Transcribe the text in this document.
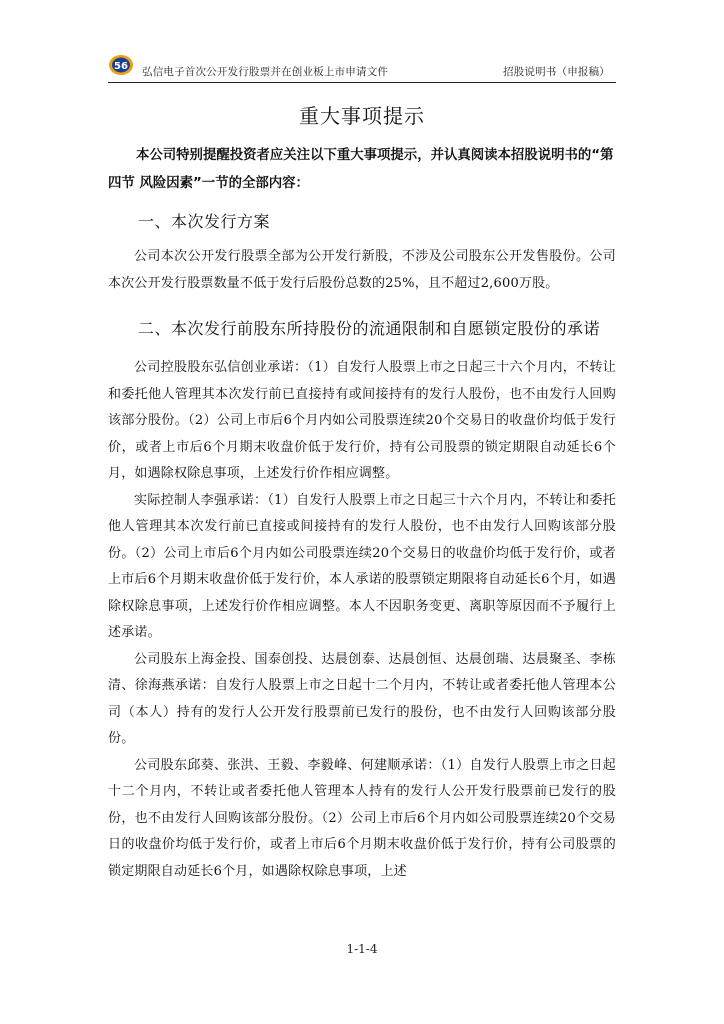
56 弘信电子首次公开发行股票并在创业板上市申请文件	招股说明书（申报稿）
重大事项提示

本公司特别提醒投资者应关注以下重大事项提示，并认真阅读本招股说明书的“第四节 风险因素”一节的全部内容：

一、本次发行方案

公司本次公开发行股票全部为公开发行新股，不涉及公司股东公开发售股份。公司本次公开发行股票数量不低于发行后股份总数的25%，且不超过2,600万股。

二、本次发行前股东所持股份的流通限制和自愿锁定股份的承诺

公司控股股东弘信创业承诺：（1）自发行人股票上市之日起三十六个月内，不转让和委托他人管理其本次发行前已直接持有或间接持有的发行人股份，也不由发行人回购该部分股份。（2）公司上市后6个月内如公司股票连续20个交易日的收盘价均低于发行价，或者上市后6个月期末收盘价低于发行价，持有公司股票的锁定期限自动延长6个月，如遇除权除息事项，上述发行价作相应调整。

实际控制人李强承诺：（1）自发行人股票上市之日起三十六个月内，不转让和委托他人管理其本次发行前已直接或间接持有的发行人股份，也不由发行人回购该部分股份。（2）公司上市后6个月内如公司股票连续20个交易日的收盘价均低于发行价，或者上市后6个月期末收盘价低于发行价，本人承诺的股票锁定期限将自动延长6个月，如遇除权除息事项，上述发行价作相应调整。本人不因职务变更、离职等原因而不予履行上述承诺。

公司股东上海金投、国泰创投、达晨创泰、达晨创恒、达晨创瑞、达晨聚圣、李栋清、徐海燕承诺：自发行人股票上市之日起十二个月内，不转让或者委托他人管理本公司（本人）持有的发行人公开发行股票前已发行的股份，也不由发行人回购该部分股份。

公司股东邱葵、张洪、王毅、李毅峰、何建顺承诺：（1）自发行人股票上市之日起十二个月内，不转让或者委托他人管理本人持有的发行人公开发行股票前已发行的股份，也不由发行人回购该部分股份。（2）公司上市后6个月内如公司股票连续20个交易日的收盘价均低于发行价，或者上市后6个月期末收盘价低于发行价，持有公司股票的锁定期限自动延长6个月，如遇除权除息事项，上述

1-1-4
